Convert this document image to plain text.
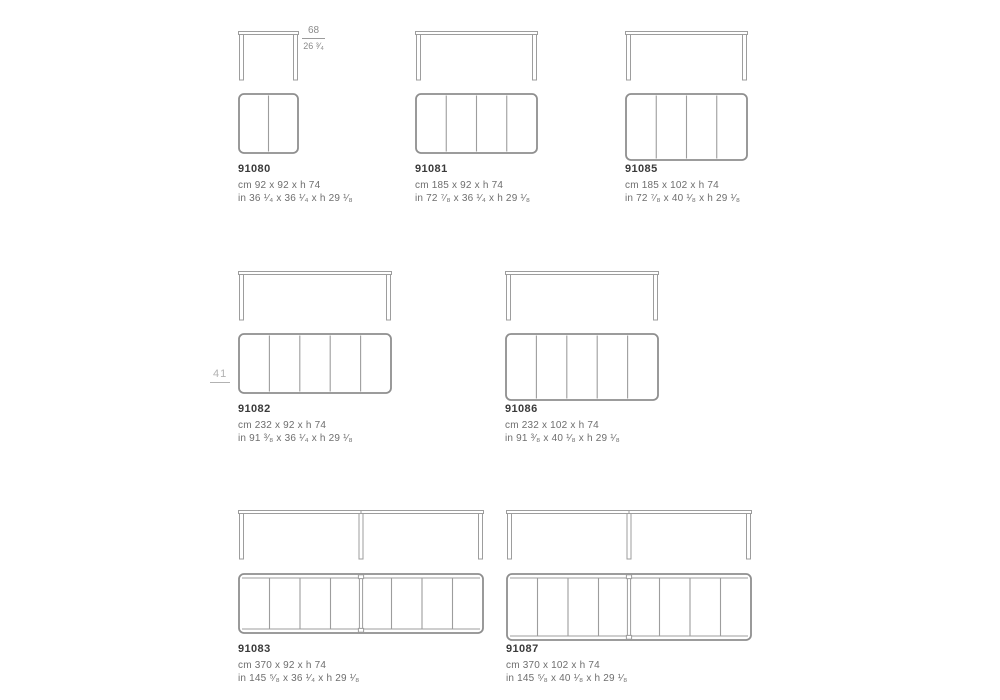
68
26 ³⁄₄
41
91080
cm 92 x 92 x h 74
in 36 ¹⁄₄ x 36 ¹⁄₄ x h 29 ¹⁄₈
91081
cm 185 x 92 x h 74
in 72 ⁷⁄₈ x 36 ¹⁄₄ x h 29 ¹⁄₈
91085
cm 185 x 102 x h 74
in 72 ⁷⁄₈ x 40 ¹⁄₈ x h 29 ¹⁄₈
91082
cm 232 x 92 x h 74
in 91 ³⁄₈ x 36 ¹⁄₄ x h 29 ¹⁄₈
91086
cm 232 x 102 x h 74
in 91 ³⁄₈ x 40 ¹⁄₈ x h 29 ¹⁄₈
91083
cm 370 x 92 x h 74
in 145 ⁵⁄₈ x 36 ¹⁄₄ x h 29 ¹⁄₈
91087
cm 370 x 102 x h 74
in 145 ⁵⁄₈ x 40 ¹⁄₈ x h 29 ¹⁄₈
